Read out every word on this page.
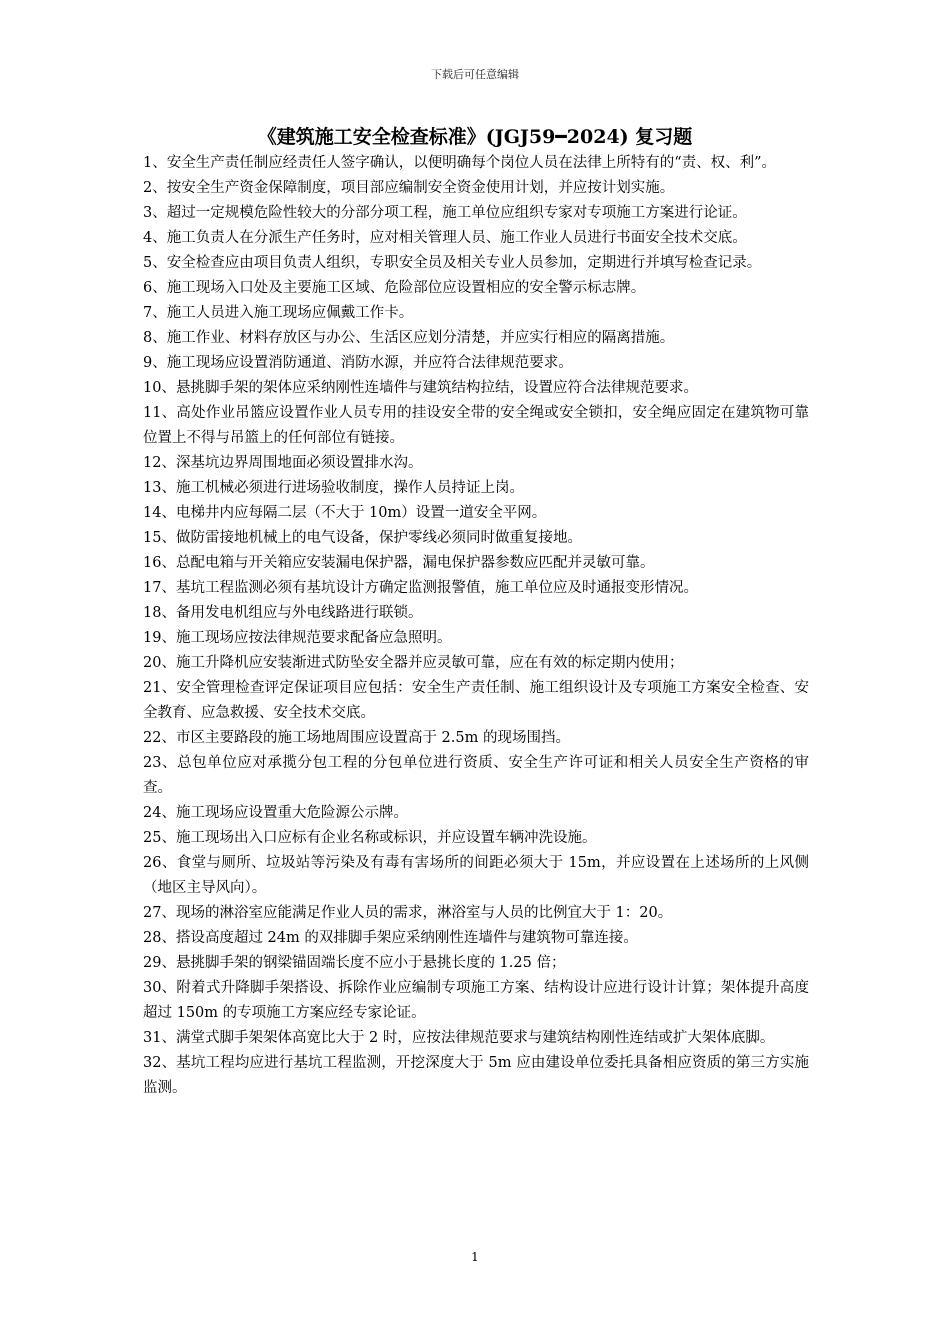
下载后可任意编辑
《建筑施工安全检查标准》(JGJ59━2024) 复习题

1、安全生产责任制应经责任人签字确认，以便明确每个岗位人员在法律上所特有的“责、权、利”。

2、按安全生产资金保障制度，项目部应编制安全资金使用计划，并应按计划实施。

3、超过一定规模危险性较大的分部分项工程，施工单位应组织专家对专项施工方案进行论证。

4、施工负责人在分派生产任务时，应对相关管理人员、施工作业人员进行书面安全技术交底。

5、安全检查应由项目负责人组织，专职安全员及相关专业人员参加，定期进行并填写检查记录。

6、施工现场入口处及主要施工区域、危险部位应设置相应的安全警示标志牌。

7、施工人员进入施工现场应佩戴工作卡。

8、施工作业、材料存放区与办公、生活区应划分清楚，并应实行相应的隔离措施。

9、施工现场应设置消防通道、消防水源，并应符合法律规范要求。

10、悬挑脚手架的架体应采纳刚性连墙件与建筑结构拉结，设置应符合法律规范要求。

11、高处作业吊篮应设置作业人员专用的挂设安全带的安全绳或安全锁扣，安全绳应固定在建筑物可靠位置上不得与吊篮上的任何部位有链接。

12、深基坑边界周围地面必须设置排水沟。

13、施工机械必须进行进场验收制度，操作人员持证上岗。

14、电梯井内应每隔二层（不大于 10m）设置一道安全平网。

15、做防雷接地机械上的电气设备，保护零线必须同时做重复接地。

16、总配电箱与开关箱应安装漏电保护器，漏电保护器参数应匹配并灵敏可靠。

17、基坑工程监测必须有基坑设计方确定监测报警值，施工单位应及时通报变形情况。

18、备用发电机组应与外电线路进行联锁。

19、施工现场应按法律规范要求配备应急照明。

20、施工升降机应安装渐进式防坠安全器并应灵敏可靠，应在有效的标定期内使用；

21、安全管理检查评定保证项目应包括：安全生产责任制、施工组织设计及专项施工方案安全检查、安全教育、应急救援、安全技术交底。

22、市区主要路段的施工场地周围应设置高于 2.5m 的现场围挡。

23、总包单位应对承揽分包工程的分包单位进行资质、安全生产许可证和相关人员安全生产资格的审查。

24、施工现场应设置重大危险源公示牌。

25、施工现场出入口应标有企业名称或标识，并应设置车辆冲洗设施。

26、食堂与厕所、垃圾站等污染及有毒有害场所的间距必须大于 15m，并应设置在上述场所的上风侧（地区主导风向）。

27、现场的淋浴室应能满足作业人员的需求，淋浴室与人员的比例宜大于 1：20。

28、搭设高度超过 24m 的双排脚手架应采纳刚性连墙件与建筑物可靠连接。

29、悬挑脚手架的钢梁锚固端长度不应小于悬挑长度的 1.25 倍；

30、附着式升降脚手架搭设、拆除作业应编制专项施工方案、结构设计应进行设计计算；架体提升高度超过 150m 的专项施工方案应经专家论证。

31、满堂式脚手架架体高宽比大于 2 时，应按法律规范要求与建筑结构刚性连结或扩大架体底脚。

32、基坑工程均应进行基坑工程监测，开挖深度大于 5m 应由建设单位委托具备相应资质的第三方实施监测。

1
